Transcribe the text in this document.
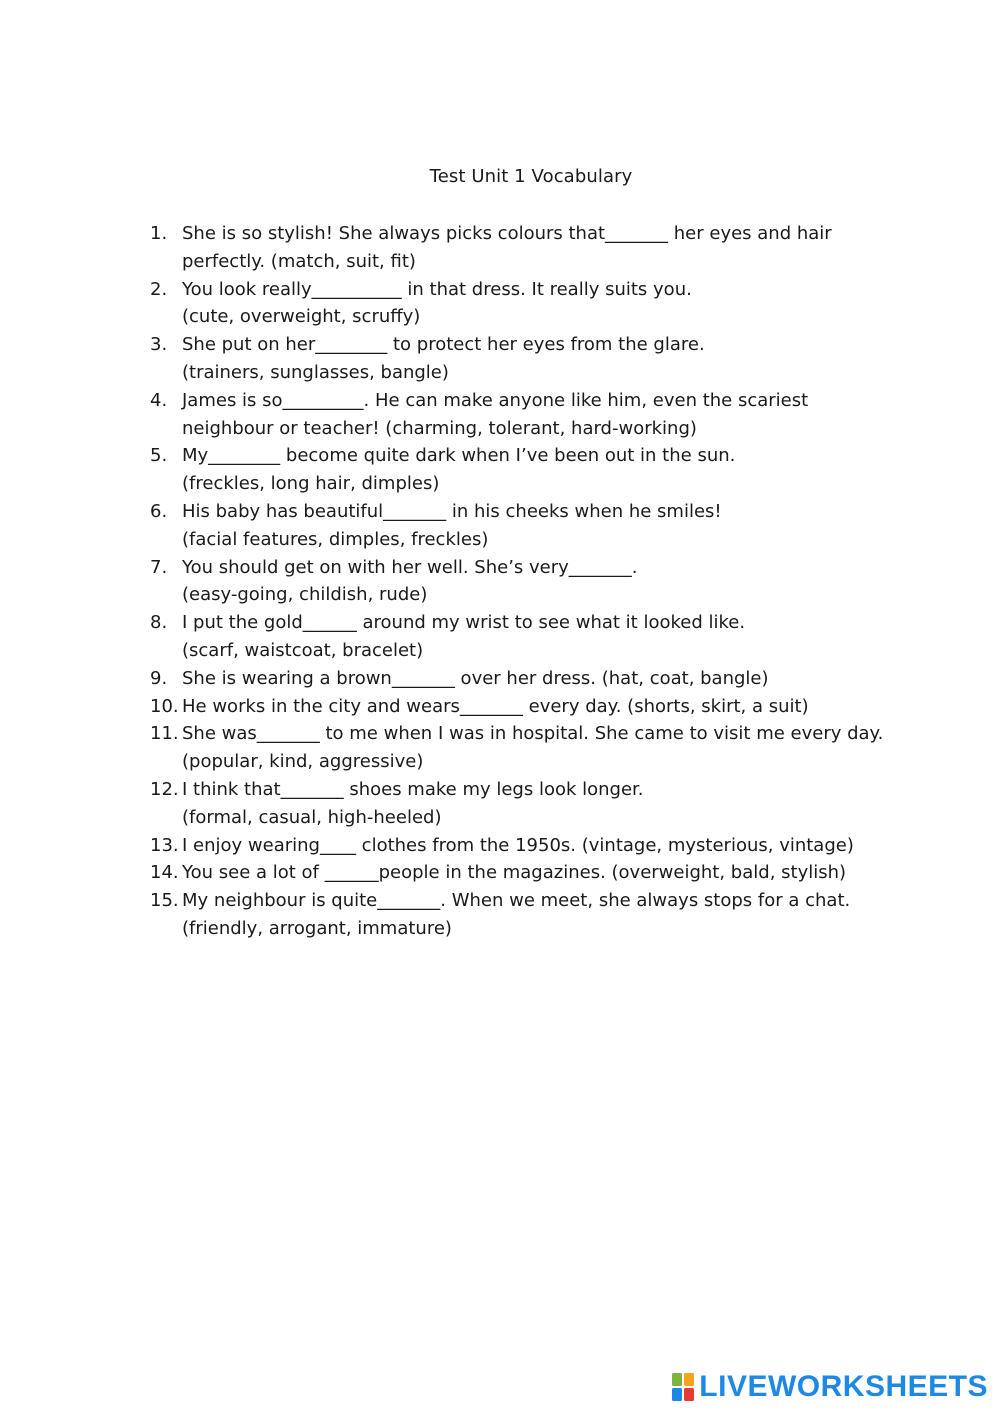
Test Unit 1 Vocabulary
1. She is so stylish! She always picks colours that_______ her eyes and hair
perfectly. (match, suit, fit)
2. You look really__________ in that dress. It really suits you.
(cute, overweight, scruffy)
3. She put on her________ to protect her eyes from the glare.
(trainers, sunglasses, bangle)
4. James is so_________. He can make anyone like him, even the scariest
neighbour or teacher! (charming, tolerant, hard-working)
5. My________ become quite dark when I’ve been out in the sun.
(freckles, long hair, dimples)
6. His baby has beautiful_______ in his cheeks when he smiles!
(facial features, dimples, freckles)
7. You should get on with her well. She’s very_______.
(easy-going, childish, rude)
8. I put the gold______ around my wrist to see what it looked like.
(scarf, waistcoat, bracelet)
9. She is wearing a brown_______ over her dress. (hat, coat, bangle)
10. He works in the city and wears_______ every day. (shorts, skirt, a suit)
11. She was_______ to me when I was in hospital. She came to visit me every day.
(popular, kind, aggressive)
12. I think that_______ shoes make my legs look longer.
(formal, casual, high-heeled)
13. I enjoy wearing____ clothes from the 1950s. (vintage, mysterious, vintage)
14. You see a lot of ______people in the magazines. (overweight, bald, stylish)
15. My neighbour is quite_______. When we meet, she always stops for a chat.
(friendly, arrogant, immature)
LIVEWORKSHEETS
